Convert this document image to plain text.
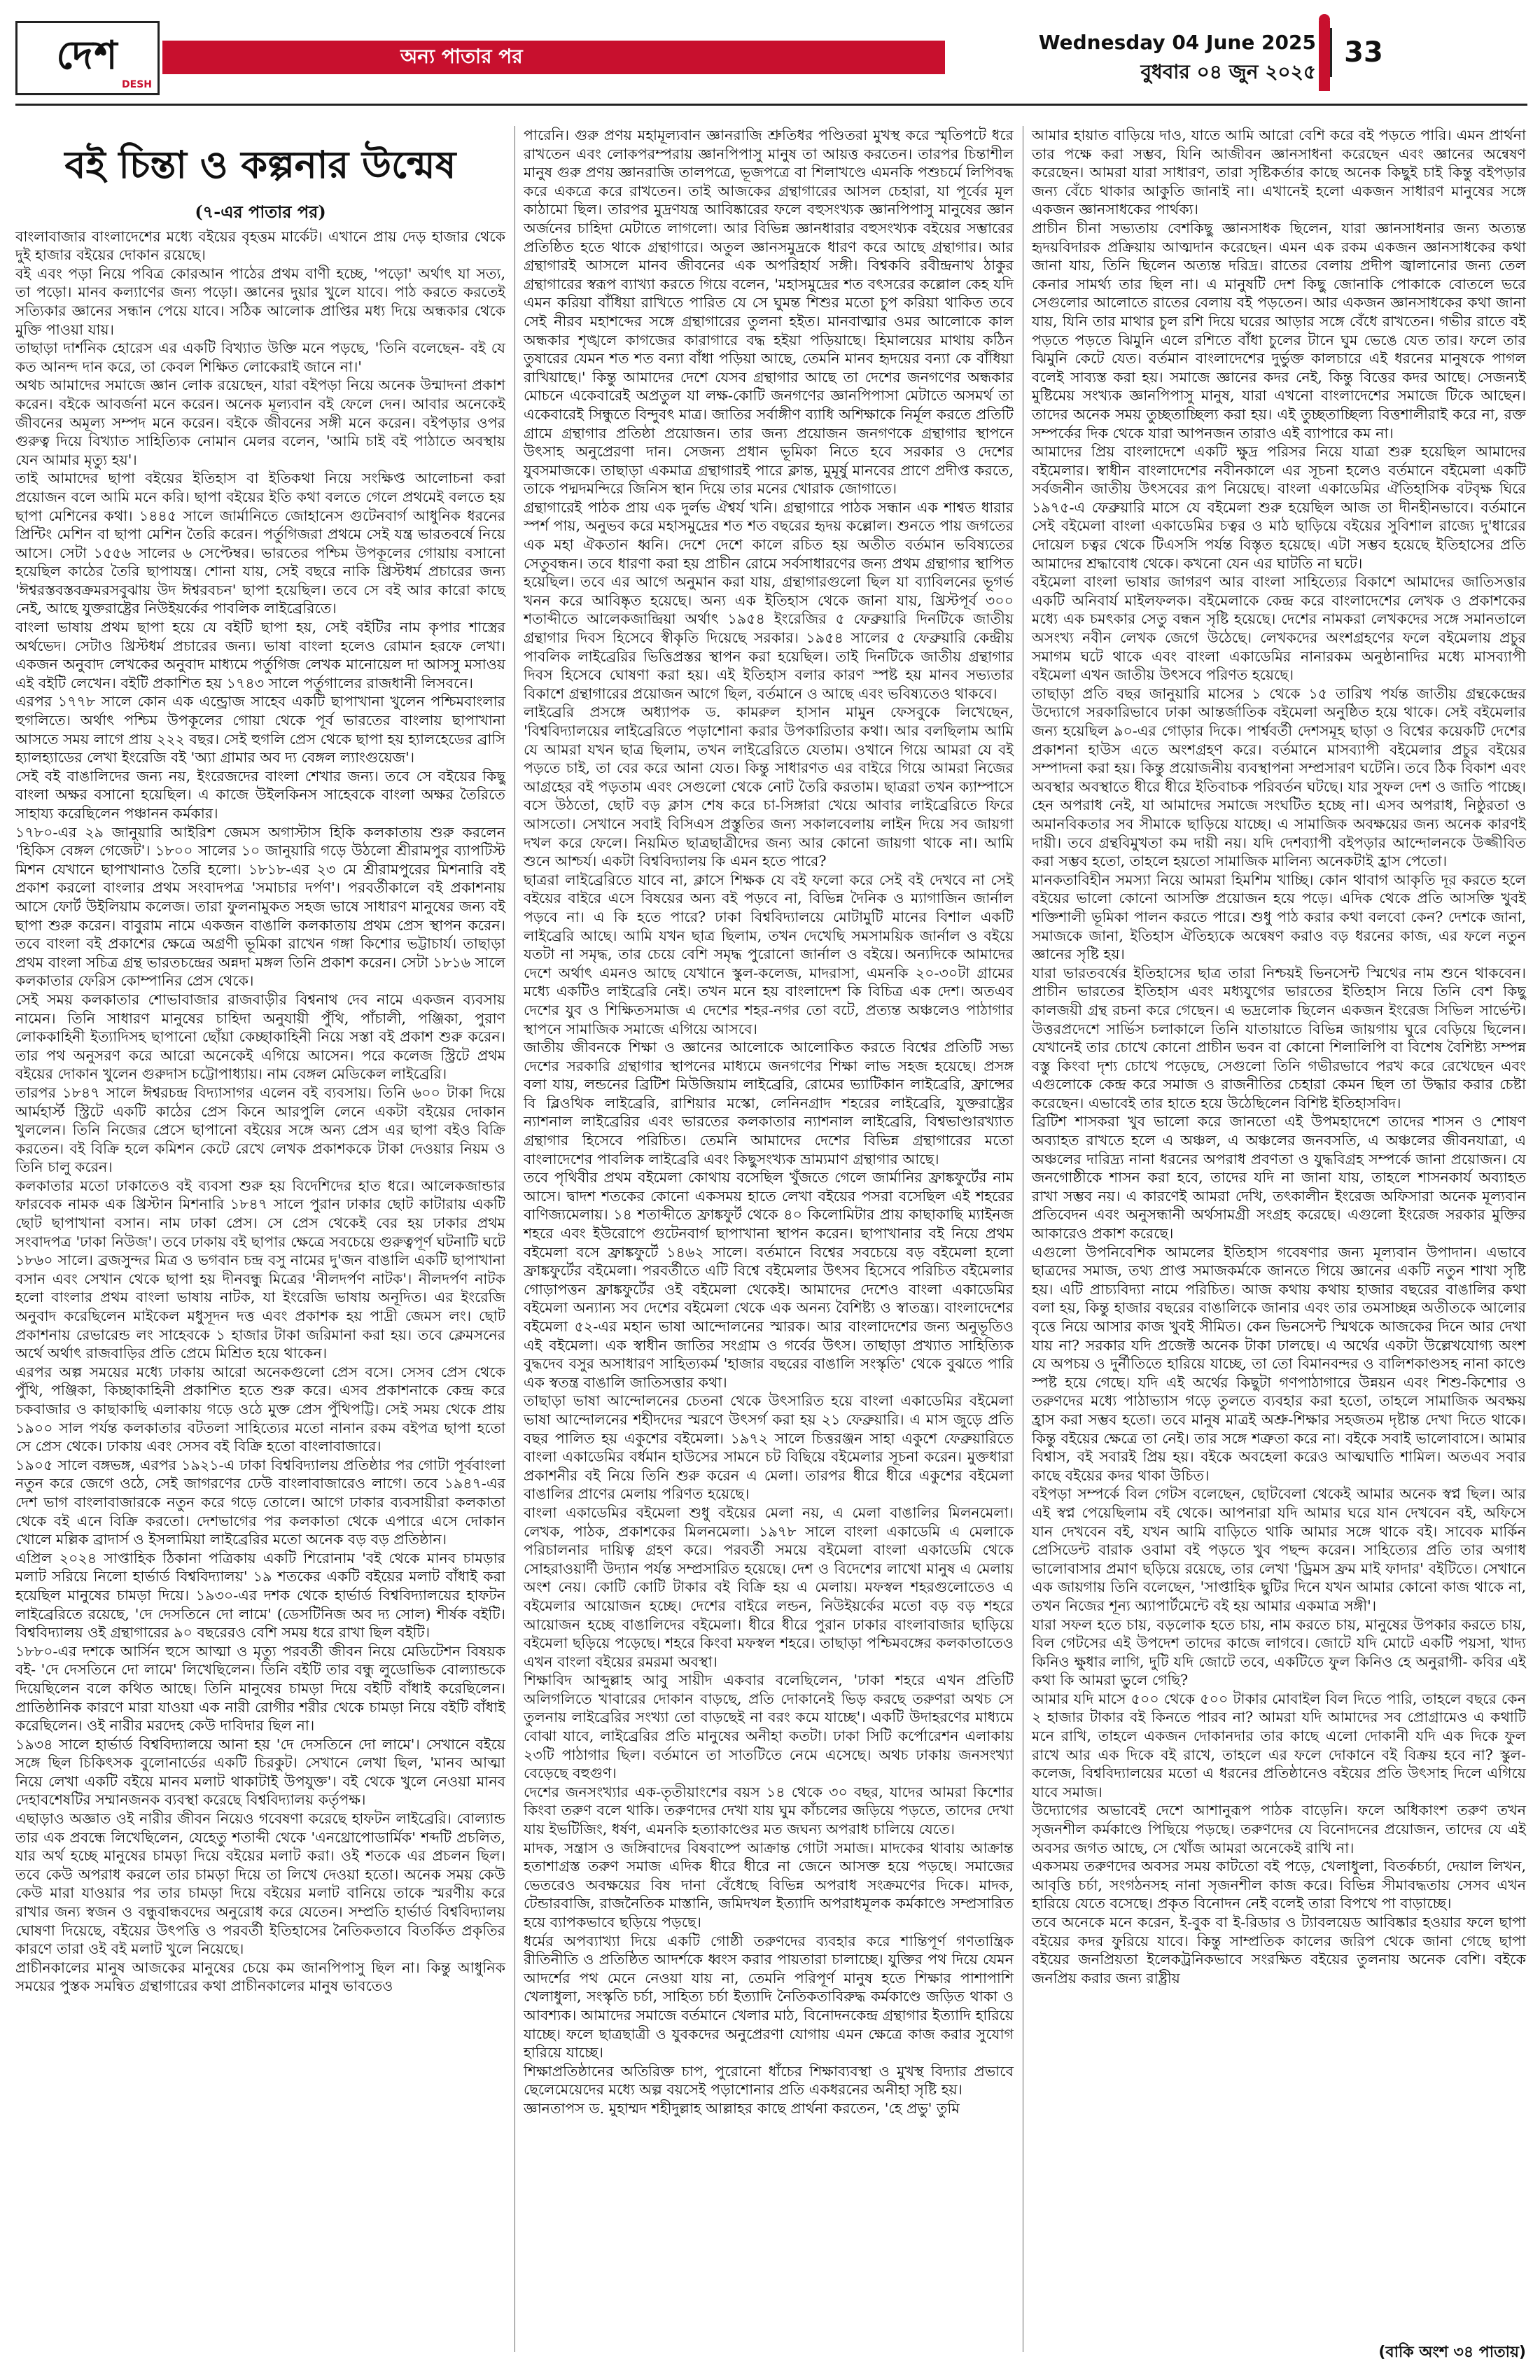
দেশ
DESH
অন্য পাতার পর
Wednesday 04 June 2025
বুধবার ০৪ জুন ২০২৫
33
বই চিন্তা ও কল্পনার উন্মেষ
(৭-এর পাতার পর)

বাংলাবাজার বাংলাদেশের মধ্যে বইয়ের বৃহত্তম মার্কেট। এখানে প্রায় দেড় হাজার থেকে দুই হাজার বইয়ের দোকান রয়েছে।

বই এবং পড়া নিয়ে পবিত্র কোরআন পাঠের প্রথম বাণী হচ্ছে, 'পড়ো' অর্থাৎ যা সত্য, তা পড়ো। মানব কল্যাণের জন্য পড়ো। জ্ঞানের দুয়ার খুলে যাবে। পাঠ করতে করতেই সত্যিকার জ্ঞানের সন্ধান পেয়ে যাবে। সঠিক আলোক প্রাপ্তির মধ্য দিয়ে অন্ধকার থেকে মুক্তি পাওয়া যায়।

তাছাড়া দার্শনিক হোরেস এর একটি বিখ্যাত উক্তি মনে পড়ছে, 'তিনি বলেছেন- বই যে কত আনন্দ দান করে, তা কেবল শিক্ষিত লোকেরাই জানে না।'

অথচ আমাদের সমাজে জ্ঞান লোক রয়েছেন, যারা বইপড়া নিয়ে অনেক উন্মাদনা প্রকাশ করেন। বইকে আবর্জনা মনে করেন। অনেক মূল্যবান বই ফেলে দেন। আবার অনেকেই জীবনের অমূল্য সম্পদ মনে করেন। বইকে জীবনের সঙ্গী মনে করেন। বইপড়ার ওপর গুরুত্ব দিয়ে বিখ্যাত সাহিত্যিক নোমান মেলর বলেন, 'আমি চাই বই পাঠাতে অবস্থায় যেন আমার মৃত্যু হয়'।

তাই আমাদের ছাপা বইয়ের ইতিহাস বা ইতিকথা নিয়ে সংক্ষিপ্ত আলোচনা করা প্রয়োজন বলে আমি মনে করি। ছাপা বইয়ের ইতি কথা বলতে গেলে প্রথমেই বলতে হয় ছাপা মেশিনের কথা। ১৪৪৫ সালে জার্মানিতে জোহানেস গুটেনবার্গ আধুনিক ধরনের প্রিন্টিং মেশিন বা ছাপা মেশিন তৈরি করেন। পর্তুগিজরা প্রথমে সেই যন্ত্র ভারতবর্ষে নিয়ে আসে। সেটা ১৫৫৬ সালের ৬ সেপ্টেম্বর। ভারতের পশ্চিম উপকূলের গোয়ায় বসানো হয়েছিল কাঠের তৈরি ছাপাযন্ত্র। শোনা যায়, সেই বছরে নাকি খ্রিস্টধর্ম প্রচারের জন্য 'ঈশ্বরস্তবস্তবক্রমরসবুঝায় উদ ঈশ্বরবচন' ছাপা হয়েছিল। তবে সে বই আর কারো কাছে নেই, আছে যুক্তরাষ্ট্রের নিউইয়র্কের পাবলিক লাইব্রেরিতে।

বাংলা ভাষায় প্রথম ছাপা হয়ে যে বইটি ছাপা হয়, সেই বইটির নাম কৃপার শাস্ত্রের অর্থভেদ। সেটাও খ্রিস্টধর্ম প্রচারের জন্য। ভাষা বাংলা হলেও রোমান হরফে লেখা। একজন অনুবাদ লেখকের অনুবাদ মাধ্যমে পর্তুগিজ লেখক মানোয়েল দা আসসু মসাওয় এই বইটি লেখেন। বইটি প্রকাশিত হয় ১৭৪৩ সালে পর্তুগালের রাজধানী লিসবনে।

এরপর ১৭৭৮ সালে কোন এক এন্ড্রোজ সাহেব একটি ছাপাখানা খুলেন পশ্চিমবাংলার হুগলিতে। অর্থাৎ পশ্চিম উপকূলের গোয়া থেকে পূর্ব ভারতের বাংলায় ছাপাখানা আসতে সময় লাগে প্রায় ২২২ বছর। সেই হুগলি প্রেস থেকে ছাপা হয় হ্যালহেডের ব্রাসি হ্যালহ্যাডের লেখা ইংরেজি বই 'অ্যা গ্রামার অব দ্য বেঙ্গল ল্যাংগুয়েজ'।

সেই বই বাঙালিদের জন্য নয়, ইংরেজদের বাংলা শেখার জন্য। তবে সে বইয়ের কিছু বাংলা অক্ষর বসানো হয়েছিল। এ কাজে উইলকিনস সাহেবকে বাংলা অক্ষর তৈরিতে সাহায্য করেছিলেন পঞ্চানন কর্মকার।

১৭৮০-এর ২৯ জানুয়ারি আইরিশ জেমস অগাস্টাস হিকি কলকাতায় শুরু করলেন 'হিকিস বেঙ্গল গেজেট'। ১৮০০ সালের ১০ জানুয়ারি গড়ে উঠলো শ্রীরামপুর ব্যাপটিস্ট মিশন যেখানে ছাপাখানাও তৈরি হলো। ১৮১৮-এর ২৩ মে শ্রীরামপুরের মিশনারি বই প্রকাশ করলো বাংলার প্রথম সংবাদপত্র 'সমাচার দর্পণ'। পরবর্তীকালে বই প্রকাশনায় আসে ফোর্ট উইলিয়াম কলেজ। তারা ফুলনামুকত সহজ ভাষে সাধারণ মানুষের জন্য বই ছাপা শুরু করেন। বাবুরাম নামে একজন বাঙালি কলকাতায় প্রথম প্রেস স্থাপন করেন। তবে বাংলা বই প্রকাশের ক্ষেত্রে অগ্রণী ভূমিকা রাখেন গঙ্গা কিশোর ভট্টাচার্য। তাছাড়া প্রথম বাংলা সচিত্র গ্রন্থ ভারতচন্দ্রের অন্নদা মঙ্গল তিনি প্রকাশ করেন। সেটা ১৮১৬ সালে কলকাতার ফেরিস কোম্পানির প্রেস থেকে।

সেই সময় কলকাতার শোভাবাজার রাজবাড়ীর বিশ্বনাথ দেব নামে একজন ব্যবসায় নামেন। তিনি সাধারণ মানুষের চাহিদা অনুযায়ী পুঁথি, পাঁচালী, পঞ্জিকা, পুরাণ লোককাহিনী ইত্যাদিসহ ছাপানো ছোঁয়া কেচ্ছাকাহিনী নিয়ে সস্তা বই প্রকাশ শুরু করেন। তার পথ অনুসরণ করে আরো অনেকেই এগিয়ে আসেন। পরে কলেজ স্ট্রিটে প্রথম বইয়ের দোকান খুলেন গুরুদাস চট্টোপাধ্যায়। নাম বেঙ্গল মেডিকেল লাইব্রেরি।

তারপর ১৮৪৭ সালে ঈশ্বরচন্দ্র বিদ্যাসাগর এলেন বই ব্যবসায়। তিনি ৬০০ টাকা দিয়ে আর্মহার্স্ট স্ট্রিটে একটি কাঠের প্রেস কিনে আরপুলি লেনে একটা বইয়ের দোকান খুললেন। তিনি নিজের প্রেসে ছাপানো বইয়ের সঙ্গে অন্য প্রেস এর ছাপা বইও বিক্রি করতেন। বই বিক্রি হলে কমিশন কেটে রেখে লেখক প্রকাশককে টাকা দেওয়ার নিয়ম ও তিনি চালু করেন।

কলকাতার মতো ঢাকাতেও বই ব্যবসা শুরু হয় বিদেশিদের হাত ধরে। আলেকজান্ডার ফারবেক নামক এক খ্রিস্টান মিশনারি ১৮৪৭ সালে পুরান ঢাকার ছোট কাটারায় একটি ছোট ছাপাখানা বসান। নাম ঢাকা প্রেস। সে প্রেস থেকেই বের হয় ঢাকার প্রথম সংবাদপত্র 'ঢাকা নিউজ'। তবে ঢাকায় বই ছাপার ক্ষেত্রে সবচেয়ে গুরুত্বপূর্ণ ঘটনাটি ঘটে ১৮৬০ সালে। ব্রজসুন্দর মিত্র ও ভগবান চন্দ্র বসু নামের দু'জন বাঙালি একটি ছাপাখানা বসান এবং সেখান থেকে ছাপা হয় দীনবন্ধু মিত্রের 'নীলদর্পণ নাটক'। নীলদর্পণ নাটক হলো বাংলার প্রথম বাংলা ভাষায় নাটক, যা ইংরেজি ভাষায় অনূদিত। এর ইংরেজি অনুবাদ করেছিলেন মাইকেল মধুসূদন দত্ত এবং প্রকাশক হয় পাদ্রী জেমস লং। ছোট প্রকাশনায় রেভারেন্ড লং সাহেবকে ১ হাজার টাকা জরিমানা করা হয়। তবে ক্লেমসনের অর্থে অর্থাৎ রাজবাড়ির প্রতি প্রেমে মিশ্রিত হয়ে থাকেন।

এরপর অল্প সময়ের মধ্যে ঢাকায় আরো অনেকগুলো প্রেস বসে। সেসব প্রেস থেকে পুঁথি, পঞ্জিকা, কিচ্ছাকাহিনী প্রকাশিত হতে শুরু করে। এসব প্রকাশনাকে কেন্দ্র করে চকবাজার ও কাছাকাছি এলাকায় গড়ে ওঠে মুক্ত প্রেস পুঁথিপট্টি। সেই সময় থেকে প্রায় ১৯০০ সাল পর্যন্ত কলকাতার বটতলা সাহিত্যের মতো নানান রকম বইপত্র ছাপা হতো সে প্রেস থেকে। ঢাকায় এবং সেসব বই বিক্রি হতো বাংলাবাজারে।

১৯০৫ সালে বঙ্গভঙ্গ, এরপর ১৯২১-এ ঢাকা বিশ্ববিদ্যালয় প্রতিষ্ঠার পর গোটা পূর্ববাংলা নতুন করে জেগে ওঠে, সেই জাগরণের ঢেউ বাংলাবাজারেও লাগে। তবে ১৯৪৭-এর দেশ ভাগ বাংলাবাজারকে নতুন করে গড়ে তোলে। আগে ঢাকার ব্যবসায়ীরা কলকাতা থেকে বই এনে বিক্রি করতো। দেশভাগের পর কলকাতা থেকে এপারে এসে দোকান খোলে মল্লিক ব্রাদার্স ও ইসলামিয়া লাইব্রেরির মতো অনেক বড় বড় প্রতিষ্ঠান।

এপ্রিল ২০২৪ সাপ্তাহিক ঠিকানা পত্রিকায় একটি শিরোনাম 'বই থেকে মানব চামড়ার মলাট সরিয়ে নিলো হার্ভার্ড বিশ্ববিদ্যালয়' ১৯ শতকের একটি বইয়ের মলাট বাঁধাই করা হয়েছিল মানুষের চামড়া দিয়ে। ১৯৩০-এর দশক থেকে হার্ভার্ড বিশ্ববিদ্যালয়ের হাফটন লাইব্রেরিতে রয়েছে, 'দে দেসতিনে দো লামে' (ডেসটিনিজ অব দ্য সোল) শীর্ষক বইটি। বিশ্ববিদ্যালয় ওই গ্রন্থাগারের ৯০ বছরেরও বেশি সময় ধরে রাখা ছিল বইটি।

১৮৮০-এর দশকে আর্সিন হুসে আত্মা ও মৃত্যু পরবর্তী জীবন নিয়ে মেডিটেশন বিষয়ক বই- 'দে দেসতিনে দো লামে' লিখেছিলেন। তিনি বইটি তার বন্ধু লুডোভিক বোল্যান্ডকে দিয়েছিলেন বলে কথিত আছে। তিনি মানুষের চামড়া দিয়ে বইটি বাঁধাই করেছিলেন। প্রাতিষ্ঠানিক কারণে মারা যাওয়া এক নারী রোগীর শরীর থেকে চামড়া নিয়ে বইটি বাঁধাই করেছিলেন। ওই নারীর মরদেহ কেউ দাবিদার ছিল না।

১৯৩৪ সালে হার্ভার্ড বিশ্ববিদ্যালয়ে আনা হয় 'দে দেসতিনে দো লামে'। সেখানে বইয়ে সঙ্গে ছিল চিকিৎসক বুলোনার্ডের একটি চিরকুট। সেখানে লেখা ছিল, 'মানব আত্মা নিয়ে লেখা একটি বইয়ে মানব মলাট থাকাটাই উপযুক্ত'। বই থেকে খুলে নেওয়া মানব দেহাবশেষটির সম্মানজনক ব্যবস্থা করেছে বিশ্ববিদ্যালয় কর্তৃপক্ষ।

এছাড়াও অজ্ঞাত ওই নারীর জীবন নিয়েও গবেষণা করেছে হাফটন লাইব্রেরি। বোল্যান্ড তার এক প্রবন্ধে লিখেছিলেন, যেহেতু শতাব্দী থেকে 'এনথ্রোপোডার্মিক' শব্দটি প্রচলিত, যার অর্থ হচ্ছে মানুষের চামড়া দিয়ে বইয়ের মলাট করা। ওই শতকে এর প্রচলন ছিল। তবে কেউ অপরাধ করলে তার চামড়া দিয়ে তা লিখে দেওয়া হতো। অনেক সময় কেউ কেউ মারা যাওয়ার পর তার চামড়া দিয়ে বইয়ের মলাট বানিয়ে তাকে স্মরণীয় করে রাখার জন্য স্বজন ও বন্ধুবান্ধবদের অনুরোধ করে যেতেন। সম্প্রতি হার্ভার্ড বিশ্ববিদ্যালয় ঘোষণা দিয়েছে, বইয়ের উৎপত্তি ও পরবর্তী ইতিহাসের নৈতিকতাবে বিতর্কিত প্রকৃতির কারণে তারা ওই বই মলাট খুলে নিয়েছে।

প্রাচীনকালের মানুষ আজকের মানুষের চেয়ে কম জানপিপাসু ছিল না। কিন্তু আধুনিক সময়ের পুস্তক সমন্বিত গ্রন্থাগারের কথা প্রাচীনকালের মানুষ ভাবতেও

পারেনি। গুরু প্রণয় মহামূল্যবান জ্ঞানরাজি শ্রুতিধর পণ্ডিতরা মুখস্থ করে স্মৃতিপটে ধরে রাখতেন এবং লোকপরম্পরায় জ্ঞানপিপাসু মানুষ তা আয়ত্ত করতেন। তারপর চিন্তাশীল মানুষ গুরু প্রণয় জ্ঞানরাজি তালপত্রে, ভূজপত্রে বা শিলাখণ্ডে এমনকি পশুচর্মে লিপিবদ্ধ করে একত্রে করে রাখতেন। তাই আজকের গ্রন্থাগারের আসল চেহারা, যা পূর্বের মূল কাঠামো ছিল। তারপর মুদ্রণযন্ত্র আবিষ্কারের ফলে বহুসংখ্যক জ্ঞানপিপাসু মানুষের জ্ঞান অর্জনের চাহিদা মেটাতে লাগলো। আর বিভিন্ন জ্ঞানধারার বহুসংখ্যক বইয়ের সম্ভারের প্রতিষ্ঠিত হতে থাকে গ্রন্থাগারে। অতুল জ্ঞানসমুদ্রকে ধারণ করে আছে গ্রন্থাগার। আর গ্রন্থাগারই আসলে মানব জীবনের এক অপরিহার্য সঙ্গী। বিশ্বকবি রবীন্দ্রনাথ ঠাকুর গ্রন্থাগারের স্বরূপ ব্যাখ্যা করতে গিয়ে বলেন, 'মহাসমুদ্রের শত বৎসরের কল্লোল কেহ যদি এমন করিয়া বাঁধিয়া রাখিতে পারিত যে সে ঘুমন্ত শিশুর মতো চুপ করিয়া থাকিত তবে সেই নীরব মহাশব্দের সঙ্গে গ্রন্থাগারের তুলনা হইত। মানবাত্মার ওমর আলোকে কাল অন্ধকার শৃঙ্খলে কাগজের কারাগারে বদ্ধ হইয়া পড়িয়াছে। হিমালয়ের মাথায় কঠিন তুষারের যেমন শত শত বন্যা বাঁধা পড়িয়া আছে, তেমনি মানব হৃদয়ের বন্যা কে বাঁধিয়া রাখিয়াছে।' কিন্তু আমাদের দেশে যেসব গ্রন্থাগার আছে তা দেশের জনগণের অন্ধকার মোচনে একেবারেই অপ্রতুল যা লক্ষ-কোটি জনগণের জ্ঞানপিপাসা মেটাতে অসমর্থ তা একেবারেই সিন্ধুতে বিন্দুবৎ মাত্র। জাতির সর্বাঙ্গীণ ব্যাধি অশিক্ষাকে নির্মূল করতে প্রতিটি গ্রামে গ্রন্থাগার প্রতিষ্ঠা প্রয়োজন। তার জন্য প্রয়োজন জনগণকে গ্রন্থাগার স্থাপনে উৎসাহ অনুপ্রেরণা দান। সেজন্য প্রধান ভূমিকা নিতে হবে সরকার ও দেশের যুবসমাজকে। তাছাড়া একমাত্র গ্রন্থাগারই পারে ক্লান্ত, মুমূর্ষু মানবের প্রাণে প্রদীপ্ত করতে, তাকে পদ্মদমন্দিরে জিনিস স্থান দিয়ে তার মনের খোরাক জোগাতে।

গ্রন্থাগারেই পাঠক প্রায় এক দুর্লভ ঐশ্বর্য খনি। গ্রন্থাগারে পাঠক সন্ধান এক শাশ্বত ধারার স্পর্শ পায়, অনুভব করে মহাসমুদ্রের শত শত বছরের হৃদয় কল্লোল। শুনতে পায় জগতের এক মহা ঐকতান ধ্বনি। দেশে দেশে কালে রচিত হয় অতীত বর্তমান ভবিষ্যতের সেতুবন্ধন। তবে ধারণা করা হয় প্রাচীন রোমে সর্বসাধারণের জন্য প্রথম গ্রন্থাগার স্থাপিত হয়েছিল। তবে এর আগে অনুমান করা যায়, গ্রন্থাগারগুলো ছিল যা ব্যাবিলনের ভূগর্ভ খনন করে আবিষ্কৃত হয়েছে। অন্য এক ইতিহাস থেকে জানা যায়, খ্রিস্টপূর্ব ৩০০ শতাব্দীতে আলেকজান্দ্রিয়া অর্থাৎ ১৯৫৪ ইংরেজির ৫ ফেব্রুয়ারি দিনটিকে জাতীয় গ্রন্থাগার দিবস হিসেবে স্বীকৃতি দিয়েছে সরকার। ১৯৫৪ সালের ৫ ফেব্রুয়ারি কেন্দ্রীয় পাবলিক লাইব্রেরির ভিত্তিপ্রস্তর স্থাপন করা হয়েছিল। তাই দিনটিকে জাতীয় গ্রন্থাগার দিবস হিসেবে ঘোষণা করা হয়। এই ইতিহাস বলার কারণ স্পষ্ট হয় মানব সভ্যতার বিকাশে গ্রন্থাগারের প্রয়োজন আগে ছিল, বর্তমানে ও আছে এবং ভবিষ্যতেও থাকবে।

লাইব্রেরি প্রসঙ্গে অধ্যাপক ড. কামরুল হাসান মামুন ফেসবুকে লিখেছেন, 'বিশ্ববিদ্যালয়ের লাইব্রেরিতে পড়াশোনা করার উপকারিতার কথা। আর বলছিলাম আমি যে আমরা যখন ছাত্র ছিলাম, তখন লাইব্রেরিতে যেতাম। ওখানে গিয়ে আমরা যে বই পড়তে চাই, তা বের করে আনা যেত। কিন্তু সাধারণত এর বাইরে গিয়ে আমরা নিজের আগ্রহের বই পড়তাম এবং সেগুলো থেকে নোট তৈরি করতাম। ছাত্ররা তখন ক্যাম্পাসে বসে উঠতো, ছোট বড় ক্লাস শেষ করে চা-সিঙ্গারা খেয়ে আবার লাইব্রেরিতে ফিরে আসতো। সেখানে সবাই বিসিএস প্রস্তুতির জন্য সকালবেলায় লাইন দিয়ে সব জায়গা দখল করে ফেলে। নিয়মিত ছাত্রছাত্রীদের জন্য আর কোনো জায়গা থাকে না। আমি শুনে আশ্চর্য। একটা বিশ্ববিদ্যালয় কি এমন হতে পারে?

ছাত্ররা লাইব্রেরিতে যাবে না, ক্লাসে শিক্ষক যে বই ফলো করে সেই বই দেখবে না সেই বইয়ের বাইরে এসে বিষয়ের অন্য বই পড়বে না, বিভিন্ন দৈনিক ও ম্যাগাজিন জার্নাল পড়বে না। এ কি হতে পারে? ঢাকা বিশ্ববিদ্যালয়ে মোটামুটি মানের বিশাল একটি লাইব্রেরি আছে। আমি যখন ছাত্র ছিলাম, তখন দেখেছি সমসাময়িক জার্নাল ও বইয়ে যতটা না সমৃদ্ধ, তার চেয়ে বেশি সমৃদ্ধ পুরোনো জার্নাল ও বইয়ে। অন্যদিকে আমাদের দেশে অর্থাৎ এমনও আছে যেখানে স্কুল-কলেজ, মাদরাসা, এমনকি ২০-৩০টা গ্রামের মধ্যে একটিও লাইব্রেরি নেই। তখন মনে হয় বাংলাদেশ কি বিচিত্র এক দেশ। অতএব দেশের যুব ও শিক্ষিতসমাজ এ দেশের শহর-নগর তো বটে, প্রত্যন্ত অঞ্চলেও পাঠাগার স্থাপনে সামাজিক সমাজে এগিয়ে আসবে।

জাতীয় জীবনকে শিক্ষা ও জ্ঞানের আলোকে আলোকিত করতে বিশ্বের প্রতিটি সভ্য দেশের সরকারি গ্রন্থাগার স্থাপনের মাধ্যমে জনগণের শিক্ষা লাভ সহজ হয়েছে। প্রসঙ্গ বলা যায়, লন্ডনের ব্রিটিশ মিউজিয়াম লাইব্রেরি, রোমের ভ্যাটিকান লাইব্রেরি, ফ্রান্সের বি ব্লিওথিক লাইব্রেরি, রাশিয়ার মস্কো, লেনিনগ্রাদ শহরের লাইব্রেরি, যুক্তরাষ্ট্রের ন্যাশনাল লাইব্রেরির এবং ভারতের কলকাতার ন্যাশনাল লাইব্রেরি, বিশ্বভাণ্ডারখ্যাত গ্রন্থাগার হিসেবে পরিচিত। তেমনি আমাদের দেশের বিভিন্ন গ্রন্থাগারের মতো বাংলাদেশের পাবলিক লাইব্রেরি এবং কিছুসংখ্যক ভ্রাম্যমাণ গ্রন্থাগার আছে।

তবে পৃথিবীর প্রথম বইমেলা কোথায় বসেছিল খুঁজতে গেলে জার্মানির ফ্রাঙ্কফুর্টের নাম আসে। দ্বাদশ শতকের কোনো একসময় হাতে লেখা বইয়ের পসরা বসেছিল এই শহরের বাণিজ্যমেলায়। ১৪ শতাব্দীতে ফ্রাঙ্কফুর্ট থেকে ৪০ কিলোমিটার প্রায় কাছাকাছি ম্যাইনজ শহরে এবং ইউরোপে গুটেনবার্গ ছাপাখানা স্থাপন করেন। ছাপাখানার বই নিয়ে প্রথম বইমেলা বসে ফ্রাঙ্কফুর্টে ১৪৬২ সালে। বর্তমানে বিশ্বের সবচেয়ে বড় বইমেলা হলো ফ্রাঙ্কফুর্টের বইমেলা। পরবর্তীতে এটি বিশ্বে বইমেলার উৎসব হিসেবে পরিচিত বইমেলার গোড়াপত্তন ফ্রাঙ্কফুর্টের ওই বইমেলা থেকেই। আমাদের দেশেও বাংলা একাডেমির বইমেলা অন্যান্য সব দেশের বইমেলা থেকে এক অনন্য বৈশিষ্ট্য ও স্বাতন্ত্র্য। বাংলাদেশের বইমেলা ৫২-এর মহান ভাষা আন্দোলনের স্মারক। আর বাংলাদেশের জন্য অনুভূতিও এই বইমেলা। এক স্বাধীন জাতির সংগ্রাম ও গর্বের উৎস। তাছাড়া প্রখ্যাত সাহিত্যিক বুদ্ধদেব বসুর অসাধারণ সাহিত্যকর্ম 'হাজার বছরের বাঙালি সংস্কৃতি' থেকে বুঝতে পারি এক স্বতন্ত্র বাঙালি জাতিসত্তার কথা।

তাছাড়া ভাষা আন্দোলনের চেতনা থেকে উৎসারিত হয়ে বাংলা একাডেমির বইমেলা ভাষা আন্দোলনের শহীদদের স্মরণে উৎসর্গ করা হয় ২১ ফেব্রুয়ারি। এ মাস জুড়ে প্রতি বছর পালিত হয় একুশের বইমেলা। ১৯৭২ সালে চিত্তরঞ্জন সাহা একুশে ফেব্রুয়ারিতে বাংলা একাডেমির বর্ধমান হাউসের সামনে চট বিছিয়ে বইমেলার সূচনা করেন। মুক্তধারা প্রকাশনীর বই নিয়ে তিনি শুরু করেন এ মেলা। তারপর ধীরে ধীরে একুশের বইমেলা বাঙালির প্রাণের মেলায় পরিণত হয়েছে।

বাংলা একাডেমির বইমেলা শুধু বইয়ের মেলা নয়, এ মেলা বাঙালির মিলনমেলা। লেখক, পাঠক, প্রকাশকের মিলনমেলা। ১৯৭৮ সালে বাংলা একাডেমি এ মেলাকে পরিচালনার দায়িত্ব গ্রহণ করে। পরবর্তী সময়ে বইমেলা বাংলা একাডেমি থেকে সোহরাওয়ার্দী উদ্যান পর্যন্ত সম্প্রসারিত হয়েছে। দেশ ও বিদেশের লাখো মানুষ এ মেলায় অংশ নেয়। কোটি কোটি টাকার বই বিক্রি হয় এ মেলায়। মফস্বল শহরগুলোতেও এ বইমেলার আয়োজন হচ্ছে। দেশের বাইরে লন্ডন, নিউইয়র্কের মতো বড় বড় শহরে আয়োজন হচ্ছে বাঙালিদের বইমেলা। ধীরে ধীরে পুরান ঢাকার বাংলাবাজার ছাড়িয়ে বইমেলা ছড়িয়ে পড়েছে। শহরে কিংবা মফস্বল শহরে। তাছাড়া পশ্চিমবঙ্গের কলকাতাতেও এখন বাংলা বইয়ের রমরমা অবস্থা।

শিক্ষাবিদ আব্দুল্লাহ আবু সায়ীদ একবার বলেছিলেন, 'ঢাকা শহরে এখন প্রতিটি অলিগলিতে খাবারের দোকান বাড়ছে, প্রতি দোকানেই ভিড় করছে তরুণরা অথচ সে তুলনায় লাইব্রেরির সংখ্যা তো বাড়ছেই না বরং কমে যাচ্ছে'। একটি উদাহরণের মাধ্যমে বোঝা যাবে, লাইব্রেরির প্রতি মানুষের অনীহা কতটা। ঢাকা সিটি কর্পোরেশন এলাকায় ২৩টি পাঠাগার ছিল। বর্তমানে তা সাতটিতে নেমে এসেছে। অথচ ঢাকায় জনসংখ্যা বেড়েছে বহুগুণ।

দেশের জনসংখ্যার এক-তৃতীয়াংশের বয়স ১৪ থেকে ৩০ বছর, যাদের আমরা কিশোর কিংবা তরুণ বলে থাকি। তরুণদের দেখা যায় ঘুম কাঁচলের জড়িয়ে পড়তে, তাদের দেখা যায় ইভটিজিং, ধর্ষণ, এমনকি হত্যাকাণ্ডের মত জঘন্য অপরাধ চালিয়ে যেতে।

মাদক, সন্ত্রাস ও জঙ্গিবাদের বিষবাষ্পে আক্রান্ত গোটা সমাজ। মাদকের থাবায় আক্রান্ত হতাশাগ্রস্ত তরুণ সমাজ এদিক ধীরে ধীরে না জেনে আসক্ত হয়ে পড়ছে। সমাজের ভেতরেও অবক্ষয়ের বিষ দানা বেঁধেছে বিভিন্ন অপরাধ সংক্রমণের দিকে। মাদক, টেন্ডারবাজি, রাজনৈতিক মাস্তানি, জমিদখল ইত্যাদি অপরাধমূলক কর্মকাণ্ডে সম্প্রসারিত হয়ে ব্যাপকভাবে ছড়িয়ে পড়ছে।

ধর্মের অপব্যাখ্যা দিয়ে একটি গোষ্ঠী তরুণদের ব্যবহার করে শান্তিপূর্ণ গণতান্ত্রিক রীতিনীতি ও প্রতিষ্ঠিত আদর্শকে ধ্বংস করার পায়তারা চালাচ্ছে। যুক্তির পথ দিয়ে যেমন আদর্শের পথ মেনে নেওয়া যায় না, তেমনি পরিপূর্ণ মানুষ হতে শিক্ষার পাশাপাশি খেলাধুলা, সংস্কৃতি চর্চা, সাহিত্য চর্চা ইত্যাদি নৈতিকতাবিরুদ্ধ কর্মকাণ্ডে জড়িত থাকা ও আবশ্যক। আমাদের সমাজে বর্তমানে খেলার মাঠ, বিনোদনকেন্দ্র গ্রন্থাগার ইত্যাদি হারিয়ে যাচ্ছে। ফলে ছাত্রছাত্রী ও যুবকদের অনুপ্রেরণা যোগায় এমন ক্ষেত্রে কাজ করার সুযোগ হারিয়ে যাচ্ছে।

শিক্ষাপ্রতিষ্ঠানের অতিরিক্ত চাপ, পুরোনো ধাঁচের শিক্ষাব্যবস্থা ও মুখস্থ বিদ্যার প্রভাবে ছেলেমেয়েদের মধ্যে অল্প বয়সেই পড়াশোনার প্রতি একধরনের অনীহা সৃষ্টি হয়।

জ্ঞানতাপস ড. মুহাম্মদ শহীদুল্লাহ আল্লাহর কাছে প্রার্থনা করতেন, 'হে প্রভু' তুমি

আমার হায়াত বাড়িয়ে দাও, যাতে আমি আরো বেশি করে বই পড়তে পারি। এমন প্রার্থনা তার পক্ষে করা সম্ভব, যিনি আজীবন জ্ঞানসাধনা করেছেন এবং জ্ঞানের অন্বেষণ করেছেন। আমরা যারা সাধারণ, তারা সৃষ্টিকর্তার কাছে অনেক কিছুই চাই কিন্তু বইপড়ার জন্য বেঁচে থাকার আকুতি জানাই না। এখানেই হলো একজন সাধারণ মানুষের সঙ্গে একজন জ্ঞানসাধকের পার্থক্য।

প্রাচীন চীনা সভ্যতায় বেশকিছু জ্ঞানসাধক ছিলেন, যারা জ্ঞানসাধনার জন্য অত্যন্ত হৃদয়বিদারক প্রক্রিয়ায় আত্মদান করেছেন। এমন এক রকম একজন জ্ঞানসাধকের কথা জানা যায়, তিনি ছিলেন অত্যন্ত দরিদ্র। রাতের বেলায় প্রদীপ জ্বালানোর জন্য তেল কেনার সামর্থ্য তার ছিল না। এ মানুষটি দেশ কিছু জোনাকি পোকাকে বোতলে ভরে সেগুলোর আলোতে রাতের বেলায় বই পড়তেন। আর একজন জ্ঞানসাধকের কথা জানা যায়, যিনি তার মাথার চুল রশি দিয়ে ঘরের আড়ার সঙ্গে বেঁধে রাখতেন। গভীর রাতে বই পড়তে পড়তে ঝিমুনি এলে রশিতে বাঁধা চুলের টানে ঘুম ভেঙে যেত তার। ফলে তার ঝিমুনি কেটে যেত। বর্তমান বাংলাদেশের দুর্ভুক্ত কালচারে এই ধরনের মানুষকে পাগল বলেই সাব্যস্ত করা হয়। সমাজে জ্ঞানের কদর নেই, কিন্তু বিত্তের কদর আছে। সেজন্যই মুষ্টিমেয় সংখ্যক জ্ঞানপিপাসু মানুষ, যারা এখনো বাংলাদেশের সমাজে টিকে আছেন। তাদের অনেক সময় তুচ্ছতাচ্ছিল্য করা হয়। এই তুচ্ছতাচ্ছিল্য বিত্তশালীরাই করে না, রক্ত সম্পর্কের দিক থেকে যারা আপনজন তারাও এই ব্যাপারে কম না।

আমাদের প্রিয় বাংলাদেশে একটি ক্ষুদ্র পরিসর নিয়ে যাত্রা শুরু হয়েছিল আমাদের বইমেলার। স্বাধীন বাংলাদেশের নবীনকালে এর সূচনা হলেও বর্তমানে বইমেলা একটি সর্বজনীন জাতীয় উৎসবের রূপ নিয়েছে। বাংলা একাডেমির ঐতিহাসিক বটবৃক্ষ ঘিরে ১৯৭৫-এ ফেব্রুয়ারি মাসে যে বইমেলা শুরু হয়েছিল আজ তা দীনহীনভাবে। বর্তমানে সেই বইমেলা বাংলা একাডেমির চত্বর ও মাঠ ছাড়িয়ে বইয়ের সুবিশাল রাজ্যে দু'ধারের দোয়েল চত্বর থেকে টিএসসি পর্যন্ত বিস্তৃত হয়েছে। এটা সম্ভব হয়েছে ইতিহাসের প্রতি আমাদের শ্রদ্ধাবোধ থেকে। কখনো যেন এর ঘাটতি না ঘটে।

বইমেলা বাংলা ভাষার জাগরণ আর বাংলা সাহিত্যের বিকাশে আমাদের জাতিসত্তার একটি অনিবার্য মাইলফলক। বইমেলাকে কেন্দ্র করে বাংলাদেশের লেখক ও প্রকাশকের মধ্যে এক চমৎকার সেতু বন্ধন সৃষ্টি হয়েছে। দেশের নামকরা লেখকদের সঙ্গে সমানতালে অসংখ্য নবীন লেখক জেগে উঠেছে। লেখকদের অংশগ্রহণের ফলে বইমেলায় প্রচুর সমাগম ঘটে থাকে এবং বাংলা একাডেমির নানারকম অনুষ্ঠানাদির মধ্যে মাসব্যাপী বইমেলা এখন জাতীয় উৎসবে পরিণত হয়েছে।

তাছাড়া প্রতি বছর জানুয়ারি মাসের ১ থেকে ১৫ তারিখ পর্যন্ত জাতীয় গ্রন্থকেন্দ্রের উদ্যোগে সরকারিভাবে ঢাকা আন্তর্জাতিক বইমেলা অনুষ্ঠিত হয়ে থাকে। সেই বইমেলার জন্য হয়েছিল ৯০-এর গোড়ার দিকে। পার্শ্ববর্তী দেশসমূহ ছাড়া ও বিশ্বের কয়েকটি দেশের প্রকাশনা হাউস এতে অংশগ্রহণ করে। বর্তমানে মাসব্যাপী বইমেলার প্রচুর বইয়ের সম্পাদনা করা হয়। কিন্তু প্রয়োজনীয় ব্যবস্থাপনা সম্প্রসারণ ঘটেনি। তবে ঠিক বিকাশ এবং অবস্থার অবস্থাতে ধীরে ধীরে ইতিবাচক পরিবর্তন ঘটছে। যার সুফল দেশ ও জাতি পাচ্ছে। হেন অপরাধ নেই, যা আমাদের সমাজে সংঘটিত হচ্ছে না। এসব অপরাধ, নিষ্ঠুরতা ও অমানবিকতার সব সীমাকে ছাড়িয়ে যাচ্ছে। এ সামাজিক অবক্ষয়ের জন্য অনেক কারণই দায়ী। তবে গ্রন্থবিমুখতা কম দায়ী নয়। যদি দেশব্যাপী বইপড়ার আন্দোলনকে উজ্জীবিত করা সম্ভব হতো, তাহলে হয়তো সামাজিক মালিন্য অনেকটাই হ্রাস পেতো।

মানকতাবিহীন সমস্যা নিয়ে আমরা হিমশিম খাচ্ছি। কোন থাবাগ আকৃতি দূর করতে হলে বইয়ের ভালো কোনো আসক্তি প্রয়োজন হয়ে পড়ে। এদিক থেকে প্রতি আসক্তি খুবই শক্তিশালী ভূমিকা পালন করতে পারে। শুধু পাঠ করার কথা বলবো কেন? দেশকে জানা, সমাজকে জানা, ইতিহাস ঐতিহ্যকে অন্বেষণ করাও বড় ধরনের কাজ, এর ফলে নতুন জ্ঞানের সৃষ্টি হয়।

যারা ভারতবর্ষের ইতিহাসের ছাত্র তারা নিশ্চয়ই ভিনসেন্ট স্মিথের নাম শুনে থাকবেন। প্রাচীন ভারতের ইতিহাস এবং মধ্যযুগের ভারতের ইতিহাস নিয়ে তিনি বেশ কিছু কালজয়ী গ্রন্থ রচনা করে গেছেন। এ ভদ্রলোক ছিলেন একজন ইংরেজ সিভিল সার্ভেন্ট। উত্তরপ্রদেশে সার্ভিস চলাকালে তিনি যাতায়াতে বিভিন্ন জায়গায় ঘুরে বেড়িয়ে ছিলেন। যেখানেই তার চোখে কোনো প্রাচীন ভবন বা কোনো শিলালিপি বা বিশেষ বৈশিষ্ট্য সম্পন্ন বস্তু কিংবা দৃশ্য চোখে পড়েছে, সেগুলো তিনি গভীরভাবে পরখ করে রেখেছেন এবং এগুলোকে কেন্দ্র করে সমাজ ও রাজনীতির চেহারা কেমন ছিল তা উদ্ধার করার চেষ্টা করেছেন। এভাবেই তার হাতে হয়ে উঠেছিলেন বিশিষ্ট ইতিহাসবিদ।

ব্রিটিশ শাসকরা খুব ভালো করে জানতো এই উপমহাদেশে তাদের শাসন ও শোষণ অব্যাহত রাখতে হলে এ অঞ্চল, এ অঞ্চলের জনবসতি, এ অঞ্চলের জীবনযাত্রা, এ অঞ্চলের দারিদ্র্য নানা ধরনের অপরাধ প্রবণতা ও যুদ্ধবিগ্রহ সম্পর্কে জানা প্রয়োজন। যে জনগোষ্ঠীকে শাসন করা হবে, তাদের যদি না জানা যায়, তাহলে শাসনকার্য অব্যাহত রাখা সম্ভব নয়। এ কারণেই আমরা দেখি, তৎকালীন ইংরেজ অফিসারা অনেক মূল্যবান প্রতিবেদন এবং অনুসন্ধানী অর্থসামগ্রী সংগ্রহ করেছে। এগুলো ইংরেজ সরকার মুক্তির আকারেও প্রকাশ করেছে।

এগুলো উপনিবেশিক আমলের ইতিহাস গবেষণার জন্য মূল্যবান উপাদান। এভাবে ছাত্রদের সমাজ, তথ্য প্রাপ্ত সমাজকর্মকে জানতে গিয়ে জ্ঞানের একটি নতুন শাখা সৃষ্টি হয়। এটি প্রাচ্যবিদ্যা নামে পরিচিত। আজ কথায় কথায় হাজার বছরের বাঙালির কথা বলা হয়, কিন্তু হাজার বছরের বাঙালিকে জানার এবং তার তমসাচ্ছন্ন অতীতকে আলোর বৃত্তে নিয়ে আসার কাজ খুবই সীমিত। কেন ভিনসেন্ট স্মিথকে আজকের দিনে আর দেখা যায় না? সরকার যদি প্রজেক্ট অনেক টাকা ঢালছে। এ অর্থের একটা উল্লেখযোগ্য অংশ যে অপচয় ও দুর্নীতিতে হারিয়ে যাচ্ছে, তা তো বিমানবন্দর ও বালিশকাণ্ডসহ নানা কাণ্ডে স্পষ্ট হয়ে গেছে। যদি এই অর্থের কিছুটা গণপাঠাগারে উন্নয়ন এবং শিশু-কিশোর ও তরুণদের মধ্যে পাঠাভ্যাস গড়ে তুলতে ব্যবহার করা হতো, তাহলে সামাজিক অবক্ষয় হ্রাস করা সম্ভব হতো। তবে মানুষ মাত্রই অশ্রু-শিক্ষার সহজতম দৃষ্টান্ত দেখা দিতে থাকে। কিন্তু বইয়ের ক্ষেত্রে তা নেই। তার সঙ্গে শত্রুতা করে না। বইকে সবাই ভালোবাসে। আমার বিশ্বাস, বই সবারই প্রিয় হয়। বইকে অবহেলা করেও আত্মঘাতি শামিল। অতএব সবার কাছে বইয়ের কদর থাকা উচিত।

বইপড়া সম্পর্কে বিল গেটস বলেছেন, ছোটবেলা থেকেই আমার অনেক স্বপ্ন ছিল। আর এই স্বপ্ন পেয়েছিলাম বই থেকে। আপনারা যদি আমার ঘরে যান দেখবেন বই, অফিসে যান দেখবেন বই, যখন আমি বাড়িতে থাকি আমার সঙ্গে থাকে বই। সাবেক মার্কিন প্রেসিডেন্ট বারাক ওবামা বই পড়তে খুব পছন্দ করেন। সাহিত্যের প্রতি তার অগাধ ভালোবাসার প্রমাণ ছড়িয়ে রয়েছে, তার লেখা 'ড্রিমস ফ্রম মাই ফাদার' বইটিতে। সেখানে এক জায়গায় তিনি বলেছেন, 'সাপ্তাহিক ছুটির দিনে যখন আমার কোনো কাজ থাকে না, তখন নিজের শূন্য অ্যাপার্টমেন্টে বই হয় আমার একমাত্র সঙ্গী'।

যারা সফল হতে চায়, বড়লোক হতে চায়, নাম করতে চায়, মানুষের উপকার করতে চায়, বিল গেটসের এই উপদেশ তাদের কাজে লাগবে। জোটে যদি মোটে একটি পয়সা, খাদ্য কিনিও ক্ষুধার লাগি, দুটি যদি জোটে তবে, একটিতে ফুল কিনিও হে অনুরাগী- কবির এই কথা কি আমরা ভুলে গেছি?

আমার যদি মাসে ৫০০ থেকে ৫০০ টাকার মোবাইল বিল দিতে পারি, তাহলে বছরে কেন ২ হাজার টাকার বই কিনতে পারব না? আমরা যদি আমাদের সব প্রোগ্রামেও এ কথাটি মনে রাখি, তাহলে একজন দোকানদার তার কাছে এলো দোকানী যদি এক দিকে ফুল রাখে আর এক দিকে বই রাখে, তাহলে এর ফলে দোকানে বই বিক্রয় হবে না? স্কুল-কলেজ, বিশ্ববিদ্যালয়ের মতো এ ধরনের প্রতিষ্ঠানেও বইয়ের প্রতি উৎসাহ দিলে এগিয়ে যাবে সমাজ।

উদ্যোগের অভাবেই দেশে আশানুরূপ পাঠক বাড়েনি। ফলে অধিকাংশ তরুণ তখন সৃজনশীল কর্মকাণ্ডে পিছিয়ে পড়ছে। তরুণদের যে বিনোদনের প্রয়োজন, তাদের যে এই অবসর জগত আছে, সে খোঁজ আমরা অনেকেই রাখি না।

একসময় তরুণদের অবসর সময় কাটতো বই পড়ে, খেলাধুলা, বিতর্কচর্চা, দেয়াল লিখন, আবৃত্তি চর্চা, সংগঠনসহ নানা সৃজনশীল কাজ করে। বিভিন্ন সীমাবদ্ধতায় সেসব এখন হারিয়ে যেতে বসেছে। প্রকৃত বিনোদন নেই বলেই তারা বিপথে পা বাড়াচ্ছে।

তবে অনেকে মনে করেন, ই-বুক বা ই-রিডার ও ট্যাবলয়েড আবিষ্কার হওয়ার ফলে ছাপা বইয়ের কদর ফুরিয়ে যাবে। কিন্তু সাম্প্রতিক কালের জরিপ থেকে জানা গেছে ছাপা বইয়ের জনপ্রিয়তা ইলেকট্রনিকভাবে সংরক্ষিত বইয়ের তুলনায় অনেক বেশি। বইকে জনপ্রিয় করার জন্য রাষ্ট্রীয়

(বাকি অংশ ৩৪ পাতায়)
